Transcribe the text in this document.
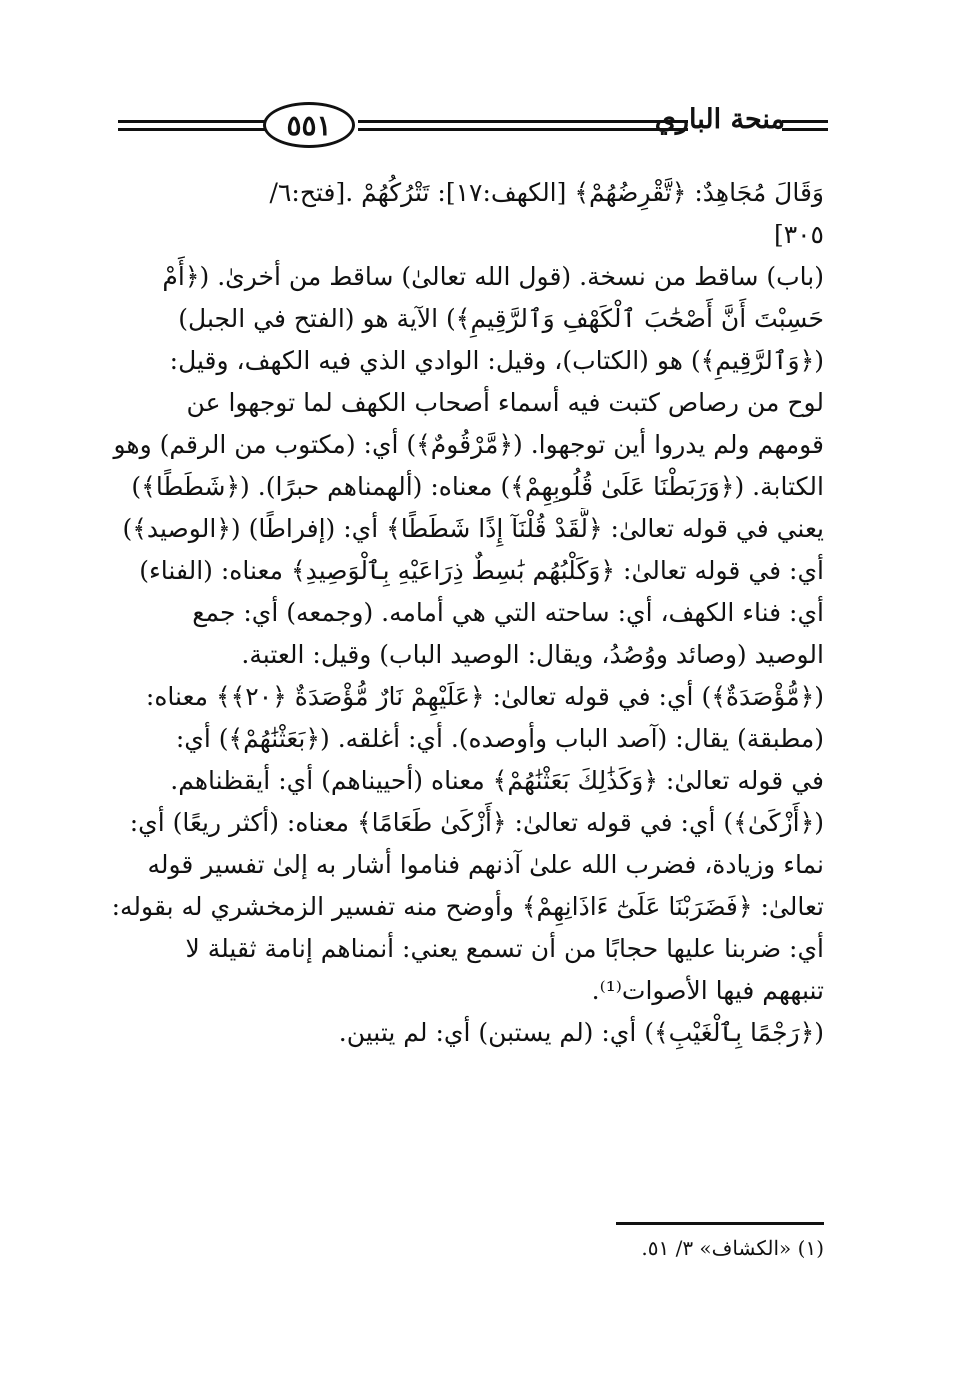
٥٥١	منحة الباري
وَقَالَ مُجَاهِدٌ: ﴿تَّقْرِضُهُمْ﴾ [الكهف:١٧]: تَتْرُكُهُمْ .[فتح:٦/
٣٠٥]
(باب) ساقط من نسخة. (قول الله تعالىٰ) ساقط من أخرىٰ. (﴿أَمْ
حَسِبْتَ أَنَّ أَصْحَٰبَ ٱلْكَهْفِ وَٱلرَّقِيمِ﴾) الآية هو (الفتح في الجبل)
(﴿وَٱلرَّقِيمِ﴾) هو (الكتاب)، وقيل: الوادي الذي فيه الكهف، وقيل:
لوح من رصاص كتبت فيه أسماء أصحاب الكهف لما توجهوا عن
قومهم ولم يدروا أين توجهوا. (﴿مَّرْقُومٌ﴾) أي: (مكتوب من الرقم) وهو
الكتابة. (﴿وَرَبَطْنَا عَلَىٰ قُلُوبِهِمْ﴾) معناه: (ألهمناهم حبرًا). (﴿شَطَطًا﴾)
يعني في قوله تعالىٰ: ﴿لَّقَدْ قُلْنَآ إِذًا شَطَطًا﴾ أي: (إفراطًا) (﴿الوصيد﴾)
أي: في قوله تعالىٰ: ﴿وَكَلْبُهُم بَٰسِطٌ ذِرَاعَيْهِ بِٱلْوَصِيدِ﴾ معناه: (الفناء)
أي: فناء الكهف، أي: ساحته التي هي أمامه. (وجمعه) أي: جمع
الوصيد (وصائد ووُصُدُ، ويقال: الوصيد الباب) وقيل: العتبة.
(﴿مُّؤْصَدَةٌ﴾) أي: في قوله تعالىٰ: ﴿عَلَيْهِمْ نَارٌ مُّؤْصَدَةٌ ﴿٢٠﴾﴾ معناه:
(مطبقة) يقال: (آصد الباب وأوصده). أي: أغلقه. (﴿بَعَثْنَٰهُمْ﴾) أي:
في قوله تعالىٰ: ﴿وَكَذَٰلِكَ بَعَثْنَٰهُمْ﴾ معناه (أحييناهم) أي: أيقظناهم.
(﴿أَزْكَىٰ﴾) أي: في قوله تعالىٰ: ﴿أَزْكَىٰ طَعَامًا﴾ معناه: (أكثر ريعًا) أي:
نماء وزيادة، فضرب الله علىٰ آذنهم فناموا أشار به إلىٰ تفسير قوله
تعالىٰ: ﴿فَضَرَبْنَا عَلَىٰٓ ءَاذَانِهِمْ﴾ وأوضح منه تفسير الزمخشري له بقوله:
أي: ضربنا عليها حجابًا من أن تسمع يعني: أنمناهم إنامة ثقيلة لا
تنبههم فيها الأصوات⁽¹⁾.
(﴿رَجْمًا بِٱلْغَيْبِ﴾) أي: (لم يستبن) أي: لم يتبين.
(١) «الكشاف» ٣/ ٥١.
